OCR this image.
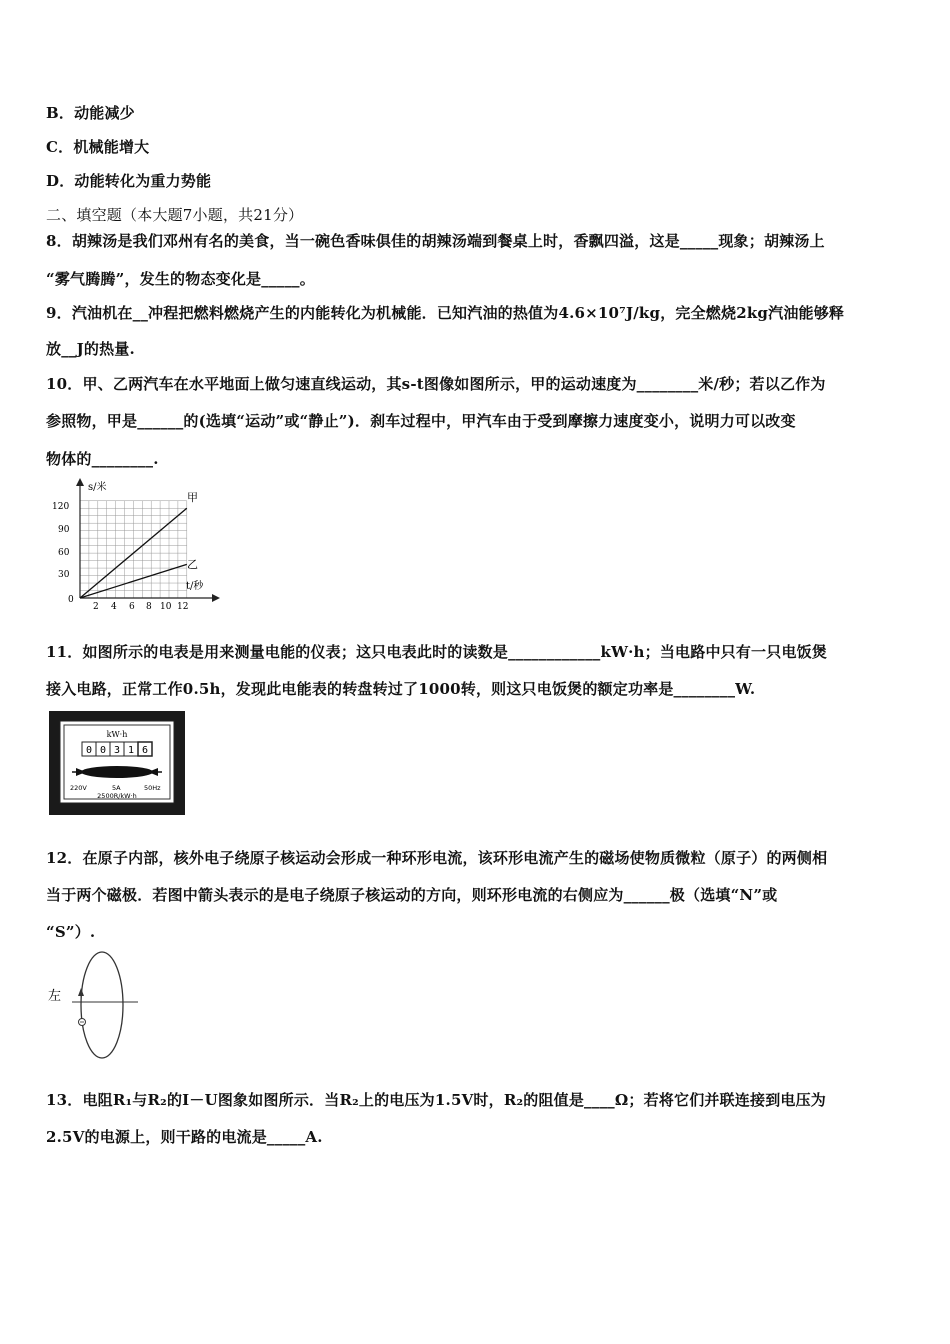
B．动能减少
C．机械能增大
D．动能转化为重力势能
二、填空题（本大题7小题，共21分）
8．胡辣汤是我们邓州有名的美食，当一碗色香味俱佳的胡辣汤端到餐桌上时，香飘四溢，这是_____现象；胡辣汤上
“雾气腾腾”，发生的物态变化是_____。
9．汽油机在__冲程把燃料燃烧产生的内能转化为机械能．已知汽油的热值为4.6×10⁷J/kg，完全燃烧2kg汽油能够释
放__J的热量.
10．甲、乙两汽车在水平地面上做匀速直线运动，其s-t图像如图所示，甲的运动速度为________米/秒；若以乙作为
参照物，甲是______的(选填“运动”或“静止”)．刹车过程中，甲汽车由于受到摩擦力速度变小，说明力可以改变
物体的________.
s/米
t/秒
120
90
60
30
0
2 4 6 8 10 12
甲
乙
11．如图所示的电表是用来测量电能的仪表；这只电表此时的读数是____________kW·h；当电路中只有一只电饭煲
接入电路，正常工作0.5h，发现此电能表的转盘转过了1000转，则这只电饭煲的额定功率是________W.
kW·h
0 0 3 1 6
220V	5A	50Hz
2500R/kW·h
12．在原子内部，核外电子绕原子核运动会形成一种环形电流，该环形电流产生的磁场使物质微粒（原子）的两侧相
当于两个磁极．若图中箭头表示的是电子绕原子核运动的方向，则环形电流的右侧应为______极（选填“N”或
“S”）.
左
13．电阻R₁与R₂的I－U图象如图所示．当R₂上的电压为1.5V时，R₂的阻值是____Ω；若将它们并联连接到电压为
2.5V的电源上，则干路的电流是_____A.
